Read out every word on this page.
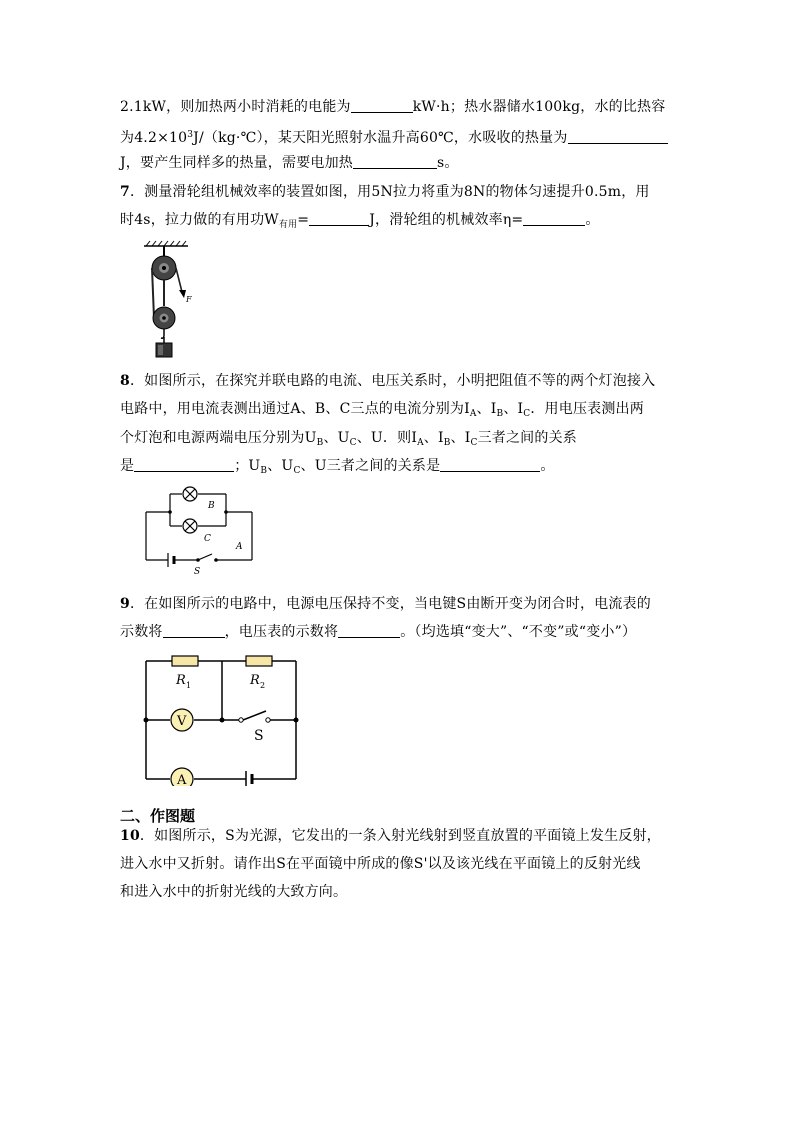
2.1kW，则加热两小时消耗的电能为	kW·h；热水器储水100kg，水的比热容
为$4.2\times 10^3J/(kg\cdot℃)$，某天阳光照射水温升高60℃，水吸收的热量为
J，要产生同样多的热量，需要电加热	s。
7．测量滑轮组机械效率的装置如图，用5N拉力将重为8N的物体匀速提升0.5m，用
时4s，拉力做的有用功$W_{有用}=$	J，滑轮组的机械效率η=	。
F
8．如图所示，在探究并联电路的电流、电压关系时，小明把阻值不等的两个灯泡接入
电路中，用电流表测出通过A、B、C三点的电流分别为$I_A$、$I_B$、$I_C$．用电压表测出两
个灯泡和电源两端电压分别为$U_B$、$U_C$、U．则$I_A$、$I_B$、$I_C$三者之间的关系
是	；$U_B$、$U_C$、U三者之间的关系是	。
B
C
A
S
9．在如图所示的电路中，电源电压保持不变，当电键S由断开变为闭合时，电流表的
示数将	，电压表的示数将	。（均选填“变大”、“不变”或“变小”）
R 1	R 2
V
A
S
二、作图题
10．如图所示，S为光源，它发出的一条入射光线射到竖直放置的平面镜上发生反射，
进入水中又折射。请作出S在平面镜中所成的像S'以及该光线在平面镜上的反射光线
和进入水中的折射光线的大致方向。
